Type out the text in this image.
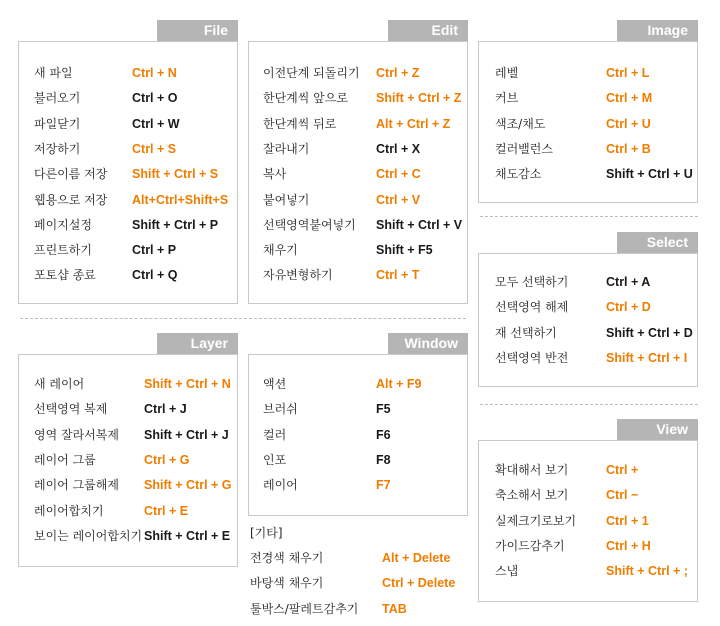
File
새 파일	Ctrl + N
불러오기	Ctrl + O
파일닫기	Ctrl + W
저장하기	Ctrl + S
다른이름 저장 Shift + Ctrl + S
웹용으로 저장 Alt+Ctrl+Shift+S
페이지설정	Shift + Ctrl + P
프린트하기	Ctrl + P
포토샵 종료	Ctrl + Q
Edit
이전단계 되돌리기 Ctrl + Z
한단계씩 앞으로 Shift + Ctrl + Z
한단계씩 뒤로	Alt + Ctrl + Z
잘라내기	Ctrl + X
복사	Ctrl + C
붙여넣기	Ctrl + V
선택영역붙여넣기 Shift + Ctrl + V
채우기	Shift + F5
자유변형하기	Ctrl + T
Image
레벨	Ctrl + L
커브	Ctrl + M
색조/채도	Ctrl + U
컬러밸런스	Ctrl + B
채도감소	Shift + Ctrl + U
Select
모두 선택하기	Ctrl + A
선택영역 해제	Ctrl + D
재 선택하기	Shift + Ctrl + D
선택영역 반전	Shift + Ctrl + I
Layer
새 레이어	Shift + Ctrl + N
선택영역 복제	Ctrl + J
영역 잘라서복제 Shift + Ctrl + J
레이어 그룹	Ctrl + G
레이어 그룹해제 Shift + Ctrl + G
레이어합치기	Ctrl + E
보이는 레이어합치기 Shift + Ctrl + E
Window
액션	Alt + F9
브러쉬	F5
컬러	F6
인포	F8
레이어	F7
[기타]
전경색 채우기	Alt + Delete
바탕색 채우기	Ctrl + Delete
툴박스/팔레트감추기 TAB
View
확대해서 보기	Ctrl +
축소해서 보기	Ctrl −
실제크기로보기 Ctrl + 1
가이드감추기	Ctrl + H
스냅	Shift + Ctrl + ;
